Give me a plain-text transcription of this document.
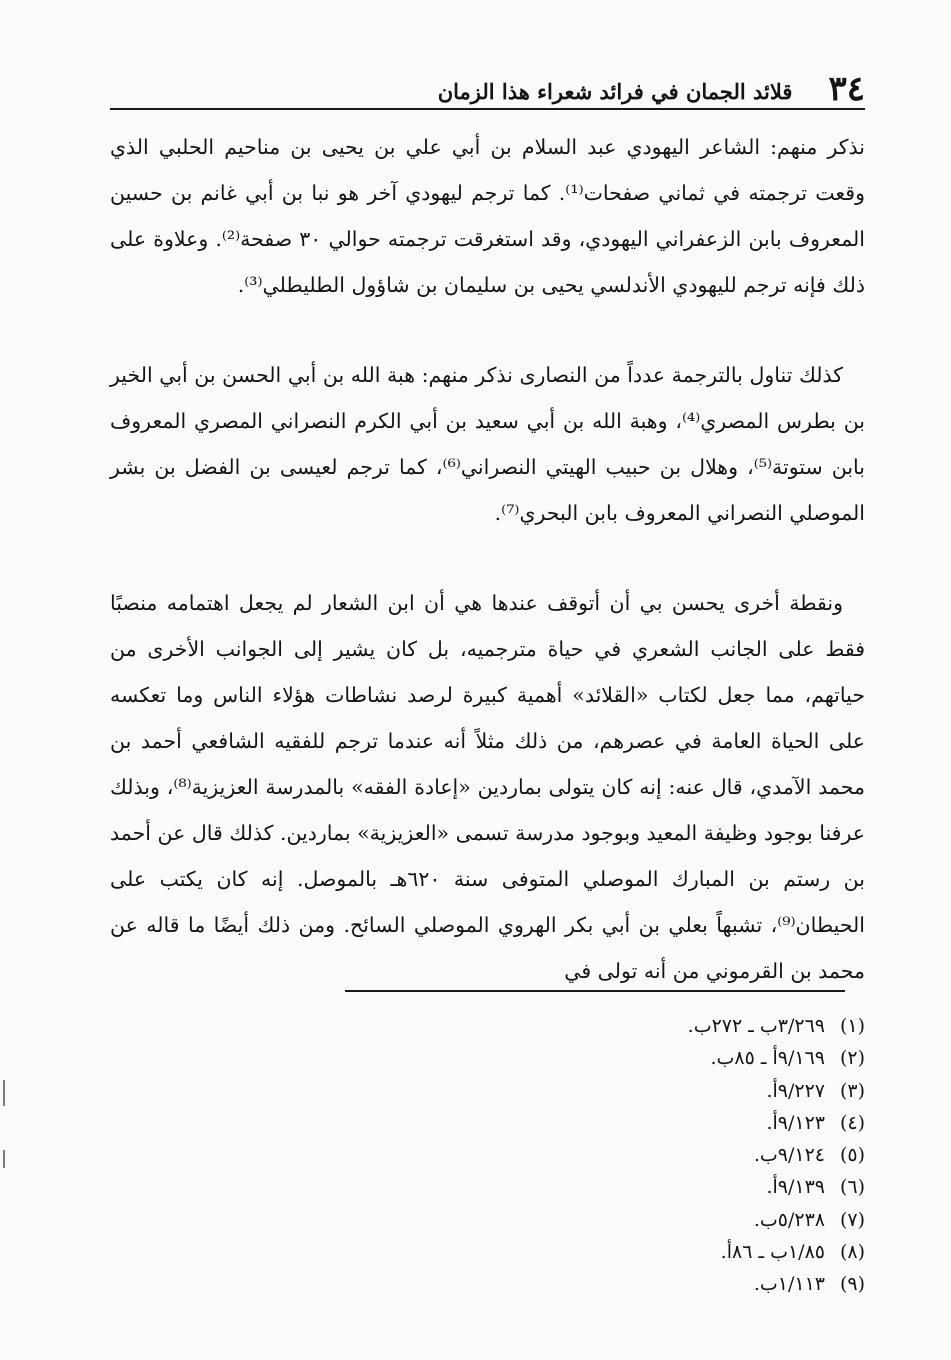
٣٤
قلائد الجمان في فرائد شعراء هذا الزمان

نذكر منهم: الشاعر اليهودي عبد السلام بن أبي علي بن يحيى بن مناحيم الحلبي الذي وقعت ترجمته في ثماني صفحات⁽¹⁾. كما ترجم ليهودي آخر هو نبا بن أبي غانم بن حسين المعروف بابن الزعفراني اليهودي، وقد استغرقت ترجمته حوالي ٣٠ صفحة⁽²⁾. وعلاوة على ذلك فإنه ترجم لليهودي الأندلسي يحيى بن سليمان بن شاؤول الطليطلي⁽³⁾.

كذلك تناول بالترجمة عدداً من النصارى نذكر منهم: هبة الله بن أبي الحسن بن أبي الخير بن بطرس المصري⁽⁴⁾، وهبة الله بن أبي سعيد بن أبي الكرم النصراني المصري المعروف بابن ستوتة⁽⁵⁾، وهلال بن حبيب الهيتي النصراني⁽⁶⁾، كما ترجم لعيسى بن الفضل بن بشر الموصلي النصراني المعروف بابن البحري⁽⁷⁾.

ونقطة أخرى يحسن بي أن أتوقف عندها هي أن ابن الشعار لم يجعل اهتمامه منصبًا فقط على الجانب الشعري في حياة مترجميه، بل كان يشير إلى الجوانب الأخرى من حياتهم، مما جعل لكتاب «القلائد» أهمية كبيرة لرصد نشاطات هؤلاء الناس وما تعكسه على الحياة العامة في عصرهم، من ذلك مثلاً أنه عندما ترجم للفقيه الشافعي أحمد بن محمد الآمدي، قال عنه: إنه كان يتولى بماردين «إعادة الفقه» بالمدرسة العزيزية⁽⁸⁾، وبذلك عرفنا بوجود وظيفة المعيد وبوجود مدرسة تسمى «العزيزية» بماردين. كذلك قال عن أحمد بن رستم بن المبارك الموصلي المتوفى سنة ٦٢٠هـ بالموصل. إنه كان يكتب على الحيطان⁽⁹⁾، تشبهاً بعلي بن أبي بكر الهروي الموصلي السائح. ومن ذلك أيضًا ما قاله عن محمد بن القرموني من أنه تولى في

(١)٣/٢٦٩ب ـ ٢٧٢ب.
(٢)٩/١٦٩أ ـ ٨٥ب.
(٣)٩/٢٢٧أ.
(٤)٩/١٢٣أ.
(٥)٩/١٢٤ب.
(٦)٩/١٣٩أ.
(٧)٥/٢٣٨ب.
(٨)١/٨٥ب ـ ٨٦أ.
(٩)١/١١٣ب.
